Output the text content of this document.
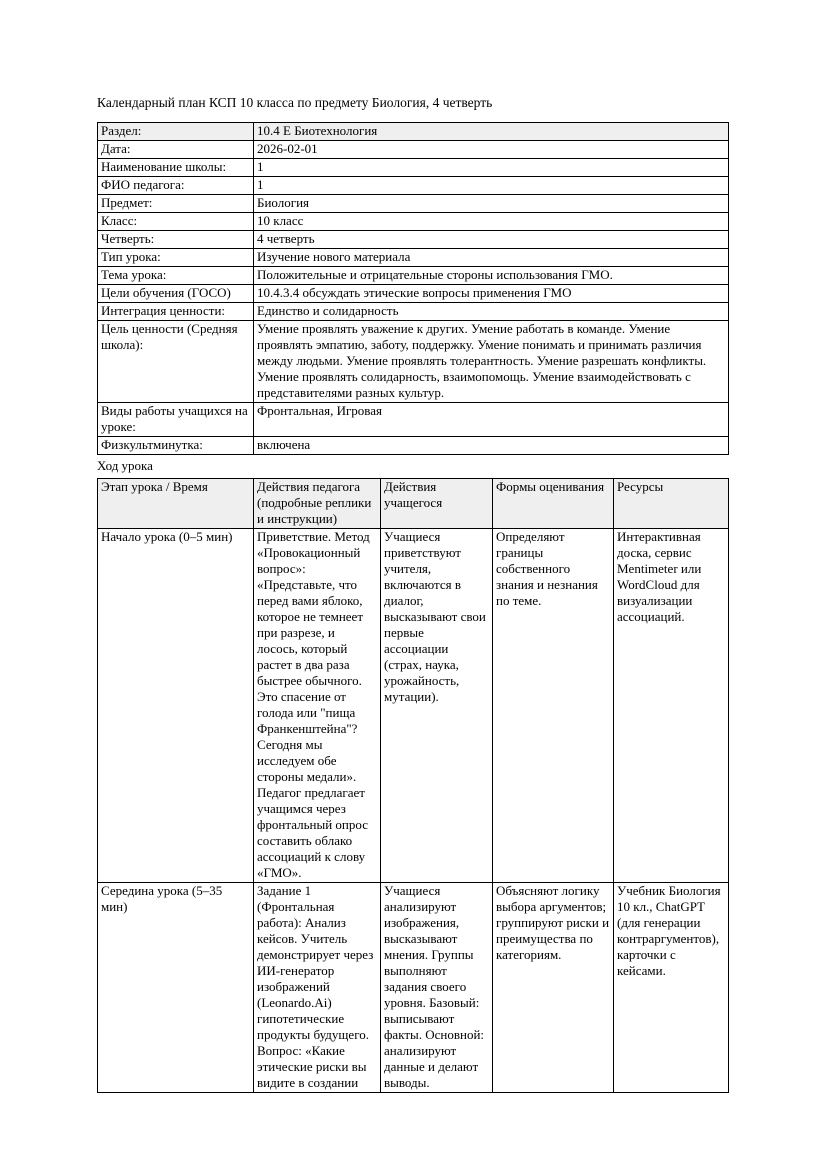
Календарный план КСП 10 класса по предмету Биология, 4 четверть

Раздел:	10.4 Е Биотехнология
Дата:	2026-02-01
Наименование школы:	1
ФИО педагога:	1
Предмет:	Биология
Класс:	10 класс
Четверть:	4 четверть
Тип урока:	Изучение нового материала
Тема урока:	Положительные и отрицательные стороны использования ГМО.
Цели обучения (ГОСО)	10.4.3.4 обсуждать этические вопросы применения ГМО
Интеграция ценности:	Единство и солидарность
Цель ценности (Средняя школа):	Умение проявлять уважение к других. Умение работать в команде. Умение проявлять эмпатию, заботу, поддержку. Умение понимать и принимать различия между людьми. Умение проявлять толерантность. Умение разрешать конфликты. Умение проявлять солидарность, взаимопомощь. Умение взаимодействовать с представителями разных культур.
Виды работы учащихся на уроке:	Фронтальная, Игровая
Физкультминутка:	включена

Ход урока

Этап урока / Время	Действия педагога (подробные реплики и инструкции)	Действия учащегося	Формы оценивания	Ресурсы
Начало урока (0–5 мин)	Приветствие. Метод «Провокационный вопрос»: «Представьте, что перед вами яблоко, которое не темнеет при разрезе, и лосось, который растет в два раза быстрее обычного. Это спасение от голода или "пища Франкенштейна"? Сегодня мы исследуем обе стороны медали». Педагог предлагает учащимся через фронтальный опрос составить облако ассоциаций к слову «ГМО».	Учащиеся приветствуют учителя, включаются в диалог, высказывают свои первые ассоциации (страх, наука, урожайность, мутации).	Определяют границы собственного знания и незнания по теме.	Интерактивная доска, сервис Mentimeter или WordCloud для визуализации ассоциаций.
Середина урока (5–35 мин)	Задание 1 (Фронтальная работа): Анализ кейсов. Учитель демонстрирует через ИИ-генератор изображений (Leonardo.Ai) гипотетические продукты будущего. Вопрос: «Какие этические риски вы видите в создании	Учащиеся анализируют изображения, высказывают мнения. Группы выполняют задания своего уровня. Базовый: выписывают факты. Основной: анализируют данные и делают выводы.	Объясняют логику выбора аргументов; группируют риски и преимущества по категориям.	Учебник Биология 10 кл., ChatGPT (для генерации контраргументов), карточки с кейсами.
